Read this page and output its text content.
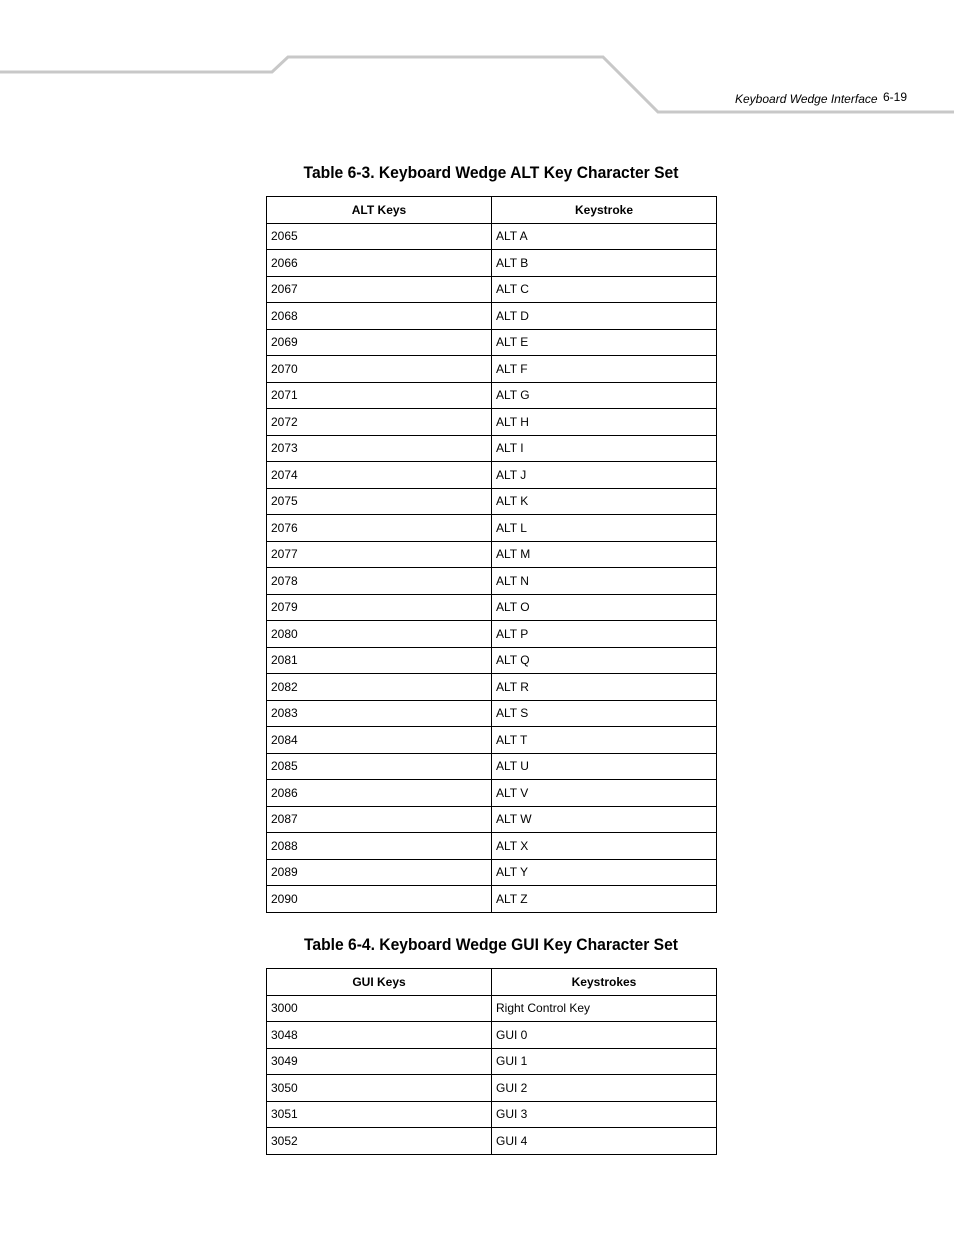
Keyboard Wedge Interface 6-19
Table 6-3. Keyboard Wedge ALT Key Character Set
ALT Keys	Keystroke
2065	ALT A
2066	ALT B
2067	ALT C
2068	ALT D
2069	ALT E
2070	ALT F
2071	ALT G
2072	ALT H
2073	ALT I
2074	ALT J
2075	ALT K
2076	ALT L
2077	ALT M
2078	ALT N
2079	ALT O
2080	ALT P
2081	ALT Q
2082	ALT R
2083	ALT S
2084	ALT T
2085	ALT U
2086	ALT V
2087	ALT W
2088	ALT X
2089	ALT Y
2090	ALT Z
Table 6-4. Keyboard Wedge GUI Key Character Set
GUI Keys	Keystrokes
3000	Right Control Key
3048	GUI 0
3049	GUI 1
3050	GUI 2
3051	GUI 3
3052	GUI 4
